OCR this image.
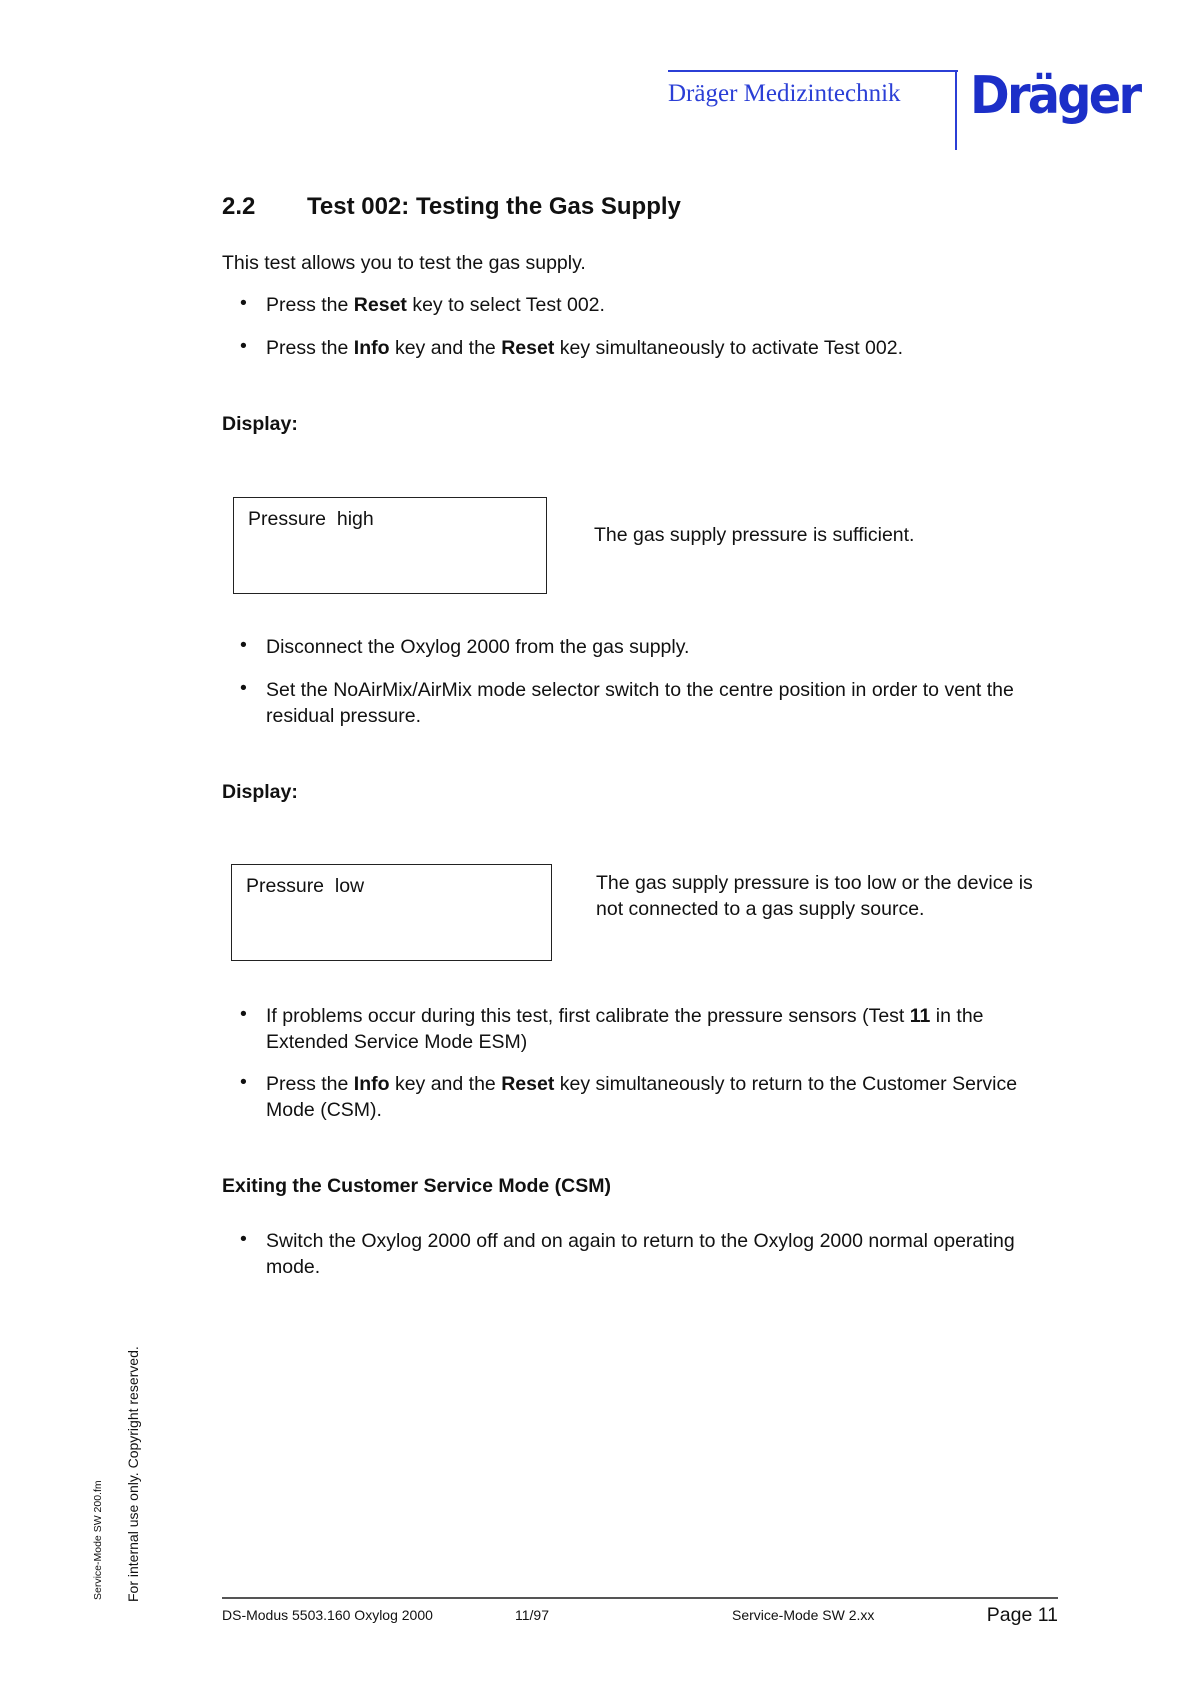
Dräger Medizintechnik Dräger
2.2 Test 002: Testing the Gas Supply
This test allows you to test the gas supply.
• Press the Reset key to select Test 002.
• Press the Info key and the Reset key simultaneously to activate Test 002.
Display:
Pressure  high
The gas supply pressure is sufficient.
• Disconnect the Oxylog 2000 from the gas supply.
• Set the NoAirMix/AirMix mode selector switch to the centre position in order to vent the residual pressure.
Display:
Pressure  low	The gas supply pressure is too low or the device is not connected to a gas supply source.
• If problems occur during this test, first calibrate the pressure sensors (Test 11 in the Extended Service Mode ESM)
• Press the Info key and the Reset key simultaneously to return to the Customer Service Mode (CSM).
Exiting the Customer Service Mode (CSM)
• Switch the Oxylog 2000 off and on again to return to the Oxylog 2000 normal operating mode.
Service-Mode SW 200.fm For internal use only. Copyright reserved.
DS-Modus 5503.160 Oxylog 2000	11/97	Service-Mode SW 2.xx	Page 11
